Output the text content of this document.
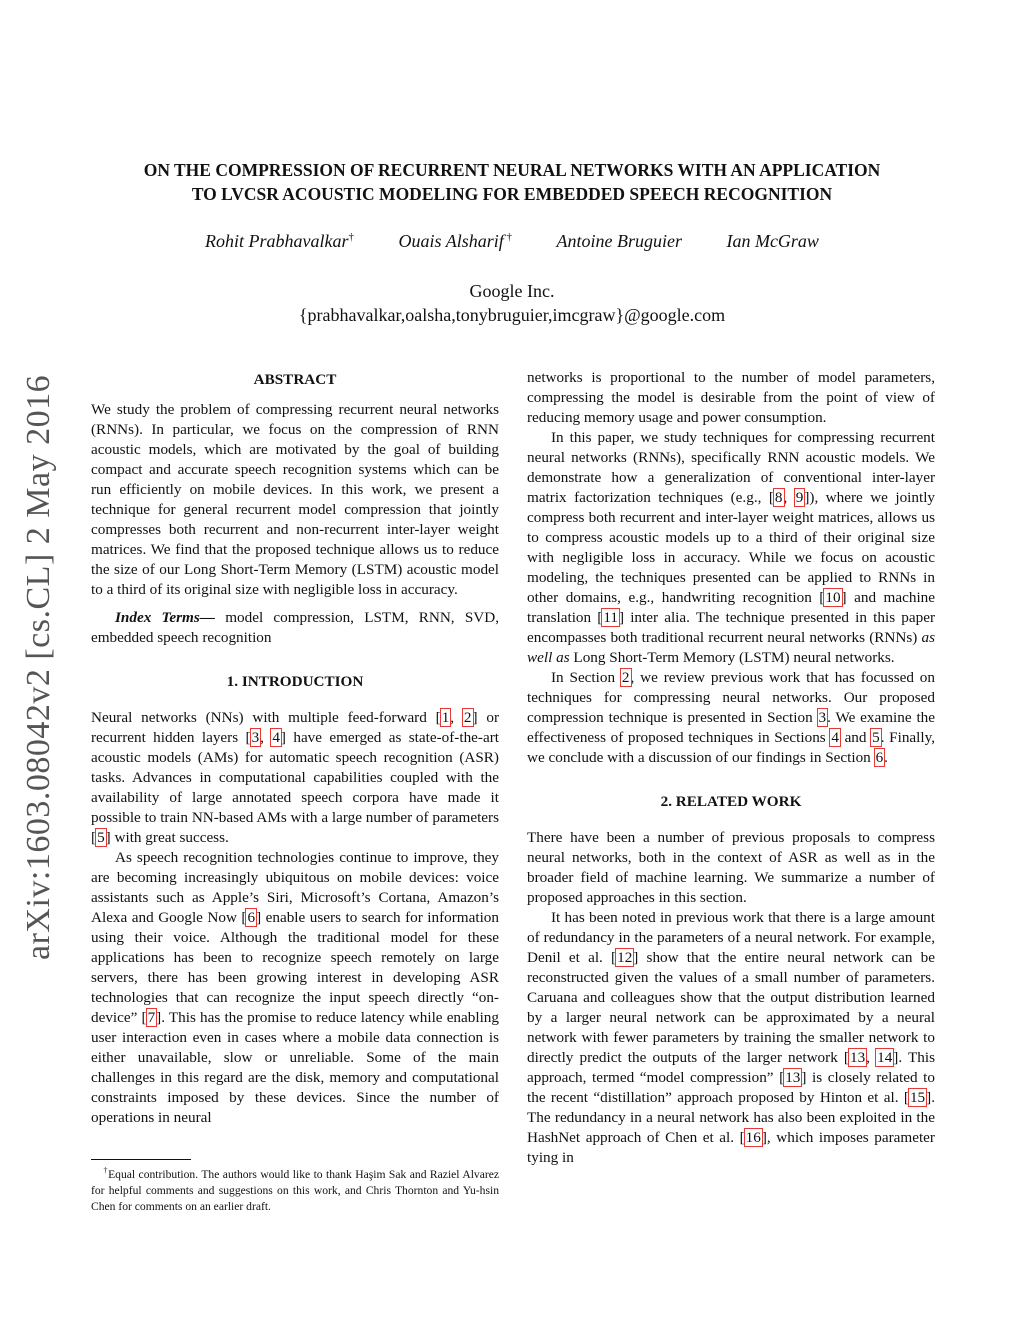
arXiv:1603.08042v2 [cs.CL] 2 May 2016
ON THE COMPRESSION OF RECURRENT NEURAL NETWORKS WITH AN APPLICATION
TO LVCSR ACOUSTIC MODELING FOR EMBEDDED SPEECH RECOGNITION
Rohit Prabhavalkar† Ouais Alsharif † Antoine Bruguier Ian McGraw
Google Inc.
{prabhavalkar,oalsha,tonybruguier,imcgraw}@google.com
ABSTRACT

We study the problem of compressing recurrent neural networks (RNNs). In particular, we focus on the compression of RNN acoustic models, which are motivated by the goal of building compact and accurate speech recognition systems which can be run efficiently on mobile devices. In this work, we present a technique for general recurrent model compression that jointly compresses both recurrent and non-recurrent inter-layer weight matrices. We find that the proposed technique allows us to reduce the size of our Long Short-Term Memory (LSTM) acoustic model to a third of its original size with negligible loss in accuracy.

Index Terms— model compression, LSTM, RNN, SVD, embedded speech recognition

1. INTRODUCTION

Neural networks (NNs) with multiple feed-forward [1, 2] or recurrent hidden layers [3, 4] have emerged as state-of-the-art acoustic models (AMs) for automatic speech recognition (ASR) tasks. Advances in computational capabilities coupled with the availability of large annotated speech corpora have made it possible to train NN-based AMs with a large number of parameters [5] with great success.

As speech recognition technologies continue to improve, they are becoming increasingly ubiquitous on mobile devices: voice assistants such as Apple’s Siri, Microsoft’s Cortana, Amazon’s Alexa and Google Now [6] enable users to search for information using their voice. Although the traditional model for these applications has been to recognize speech remotely on large servers, there has been growing interest in developing ASR technologies that can recognize the input speech directly “on-device” [7]. This has the promise to reduce latency while enabling user interaction even in cases where a mobile data connection is either unavailable, slow or unreliable. Some of the main challenges in this regard are the disk, memory and computational constraints imposed by these devices. Since the number of operations in neural

networks is proportional to the number of model parameters, compressing the model is desirable from the point of view of reducing memory usage and power consumption.

In this paper, we study techniques for compressing recurrent neural networks (RNNs), specifically RNN acoustic models. We demonstrate how a generalization of conventional inter-layer matrix factorization techniques (e.g., [8, 9]), where we jointly compress both recurrent and inter-layer weight matrices, allows us to compress acoustic models up to a third of their original size with negligible loss in accuracy. While we focus on acoustic modeling, the techniques presented can be applied to RNNs in other domains, e.g., handwriting recognition [10] and machine translation [11] inter alia. The technique presented in this paper encompasses both traditional recurrent neural networks (RNNs) as well as Long Short-Term Memory (LSTM) neural networks.

In Section 2, we review previous work that has focussed on techniques for compressing neural networks. Our proposed compression technique is presented in Section 3. We examine the effectiveness of proposed techniques in Sections 4 and 5. Finally, we conclude with a discussion of our findings in Section 6.

2. RELATED WORK

There have been a number of previous proposals to compress neural networks, both in the context of ASR as well as in the broader field of machine learning. We summarize a number of proposed approaches in this section.

It has been noted in previous work that there is a large amount of redundancy in the parameters of a neural network. For example, Denil et al. [12] show that the entire neural network can be reconstructed given the values of a small number of parameters. Caruana and colleagues show that the output distribution learned by a larger neural network can be approximated by a neural network with fewer parameters by training the smaller network to directly predict the outputs of the larger network [13, 14]. This approach, termed “model compression” [13] is closely related to the recent “distillation” approach proposed by Hinton et al. [15]. The redundancy in a neural network has also been exploited in the HashNet approach of Chen et al. [16], which imposes parameter tying in

†Equal contribution. The authors would like to thank Haşim Sak and Raziel Alvarez for helpful comments and suggestions on this work, and Chris Thornton and Yu-hsin Chen for comments on an earlier draft.
